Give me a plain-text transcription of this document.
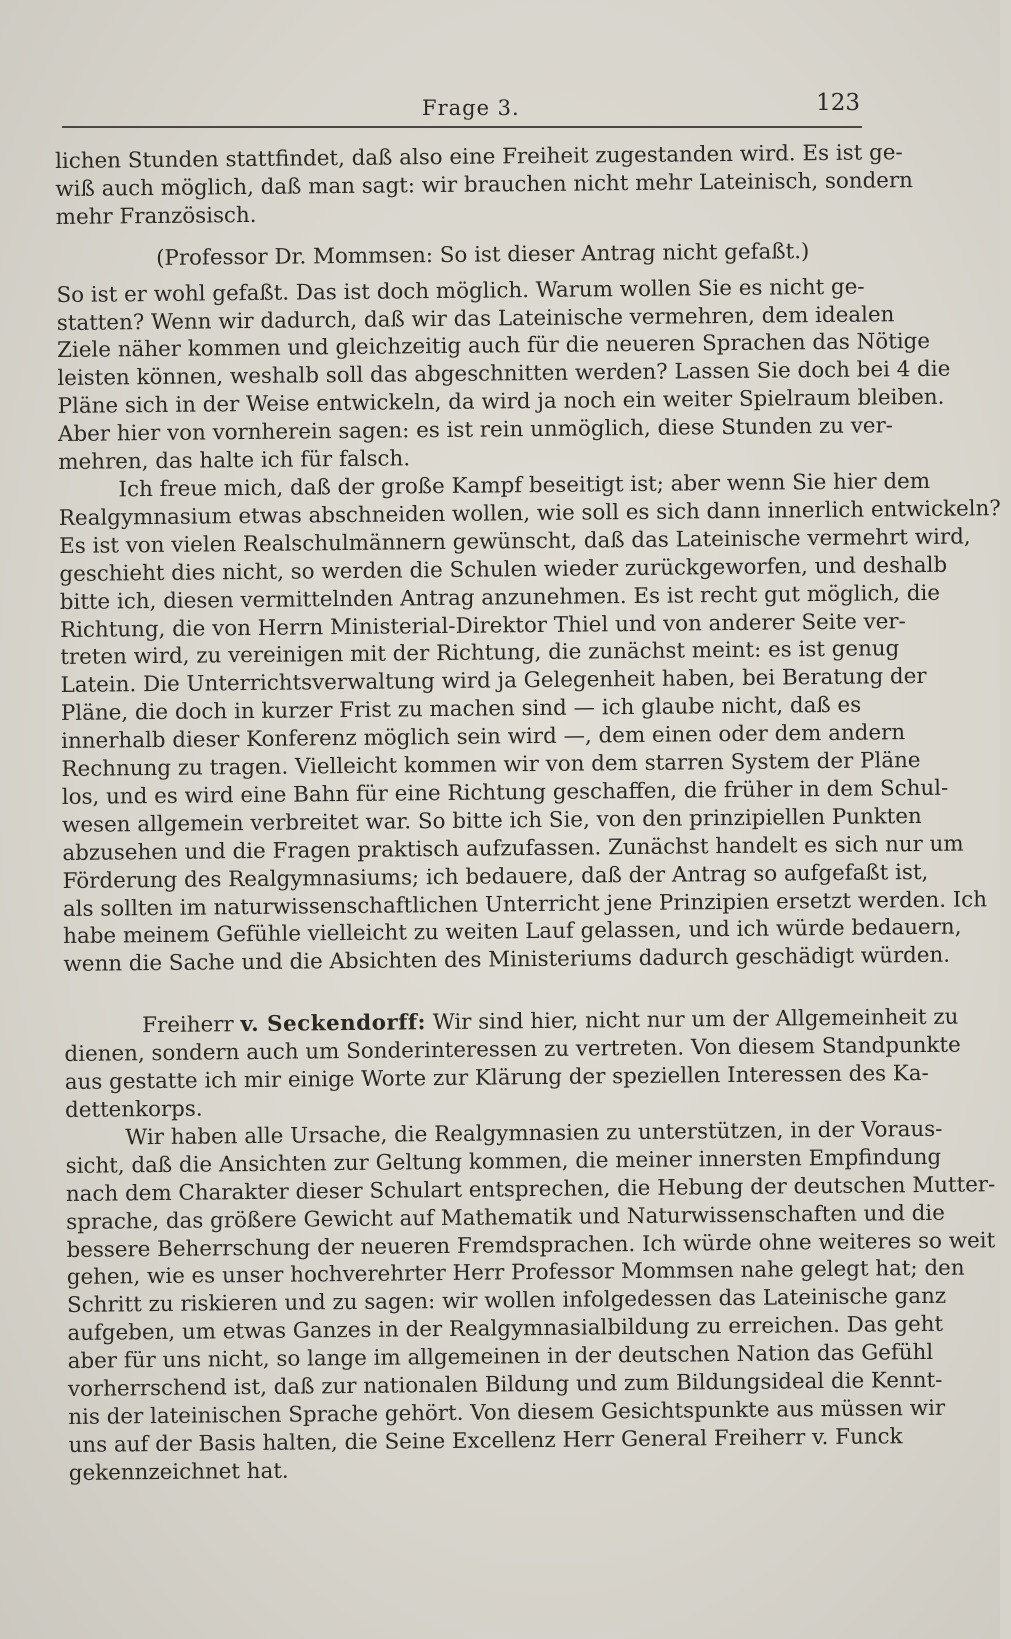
Frage 3.	123

lichen Stunden stattfindet, daß also eine Freiheit zugestanden wird. Es ist ge-
wiß auch möglich, daß man sagt: wir brauchen nicht mehr Lateinisch, sondern
mehr Französisch.

(Professor Dr. Mommsen: So ist dieser Antrag nicht gefaßt.)

So ist er wohl gefaßt. Das ist doch möglich. Warum wollen Sie es nicht ge-
statten? Wenn wir dadurch, daß wir das Lateinische vermehren, dem idealen
Ziele näher kommen und gleichzeitig auch für die neueren Sprachen das Nötige
leisten können, weshalb soll das abgeschnitten werden? Lassen Sie doch bei 4 die
Pläne sich in der Weise entwickeln, da wird ja noch ein weiter Spielraum bleiben.
Aber hier von vornherein sagen: es ist rein unmöglich, diese Stunden zu ver-
mehren, das halte ich für falsch.

Ich freue mich, daß der große Kampf beseitigt ist; aber wenn Sie hier dem
Realgymnasium etwas abschneiden wollen, wie soll es sich dann innerlich entwickeln?
Es ist von vielen Realschulmännern gewünscht, daß das Lateinische vermehrt wird,
geschieht dies nicht, so werden die Schulen wieder zurückgeworfen, und deshalb
bitte ich, diesen vermittelnden Antrag anzunehmen. Es ist recht gut möglich, die
Richtung, die von Herrn Ministerial-Direktor Thiel und von anderer Seite ver-
treten wird, zu vereinigen mit der Richtung, die zunächst meint: es ist genug
Latein. Die Unterrichtsverwaltung wird ja Gelegenheit haben, bei Beratung der
Pläne, die doch in kurzer Frist zu machen sind — ich glaube nicht, daß es
innerhalb dieser Konferenz möglich sein wird —, dem einen oder dem andern
Rechnung zu tragen. Vielleicht kommen wir von dem starren System der Pläne
los, und es wird eine Bahn für eine Richtung geschaffen, die früher in dem Schul-
wesen allgemein verbreitet war. So bitte ich Sie, von den prinzipiellen Punkten
abzusehen und die Fragen praktisch aufzufassen. Zunächst handelt es sich nur um
Förderung des Realgymnasiums; ich bedauere, daß der Antrag so aufgefaßt ist,
als sollten im naturwissenschaftlichen Unterricht jene Prinzipien ersetzt werden. Ich
habe meinem Gefühle vielleicht zu weiten Lauf gelassen, und ich würde bedauern,
wenn die Sache und die Absichten des Ministeriums dadurch geschädigt würden.

Freiherr v. Seckendorff: Wir sind hier, nicht nur um der Allgemeinheit zu
dienen, sondern auch um Sonderinteressen zu vertreten. Von diesem Standpunkte
aus gestatte ich mir einige Worte zur Klärung der speziellen Interessen des Ka-
dettenkorps.

Wir haben alle Ursache, die Realgymnasien zu unterstützen, in der Voraus-
sicht, daß die Ansichten zur Geltung kommen, die meiner innersten Empfindung
nach dem Charakter dieser Schulart entsprechen, die Hebung der deutschen Mutter-
sprache, das größere Gewicht auf Mathematik und Naturwissenschaften und die
bessere Beherrschung der neueren Fremdsprachen. Ich würde ohne weiteres so weit
gehen, wie es unser hochverehrter Herr Professor Mommsen nahe gelegt hat; den
Schritt zu riskieren und zu sagen: wir wollen infolgedessen das Lateinische ganz
aufgeben, um etwas Ganzes in der Realgymnasialbildung zu erreichen. Das geht
aber für uns nicht, so lange im allgemeinen in der deutschen Nation das Gefühl
vorherrschend ist, daß zur nationalen Bildung und zum Bildungsideal die Kennt-
nis der lateinischen Sprache gehört. Von diesem Gesichtspunkte aus müssen wir
uns auf der Basis halten, die Seine Excellenz Herr General Freiherr v. Funck
gekennzeichnet hat.
